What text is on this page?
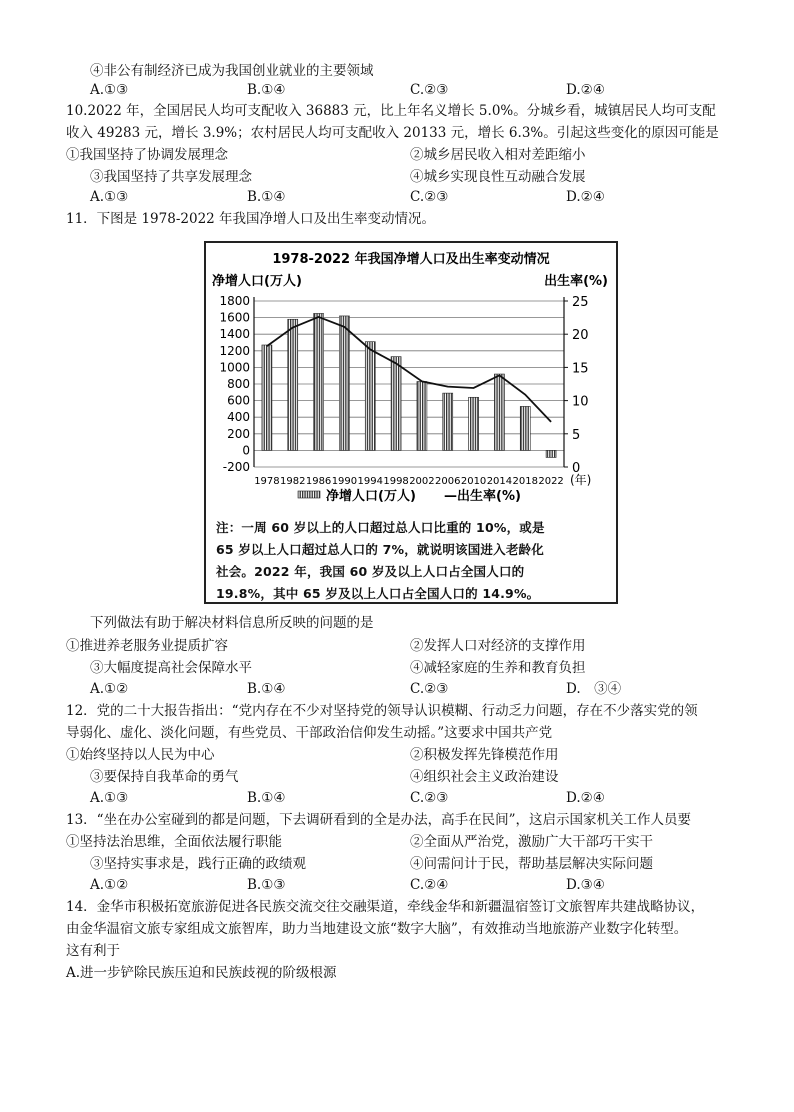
④非公有制经济已成为我国创业就业的主要领域
A.①③	B.①④	C.②③	D.②④
10.2022 年，全国居民人均可支配收入 36883 元，比上年名义增长 5.0%。分城乡看，城镇居民人均可支配
收入 49283 元，增长 3.9%；农村居民人均可支配收入 20133 元，增长 6.3%。引起这些变化的原因可能是
①我国坚持了协调发展理念	②城乡居民收入相对差距缩小
③我国坚持了共享发展理念	④城乡实现良性互动融合发展
A.①③	B.①④	C.②③	D.②④
11．下图是 1978-2022 年我国净增人口及出生率变动情况。
1978-2022 年我国净增人口及出生率变动情况
净增人口(万人)	出生率(%)
1800
1600
1400
1200
1000
800
600
400
200
0
-200
25
20
15
10
5
0
1978 1982 1986 1990 1994 1998 2002 2006 2010 2014 2018 2022 (年)
净增人口(万人) —出生率(%)
注：一周 60 岁以上的人口超过总人口比重的 10%，或是
65 岁以上人口超过总人口的 7%，就说明该国进入老龄化
社会。2022 年，我国 60 岁及以上人口占全国人口的
19.8%，其中 65 岁及以上人口占全国人口的 14.9%。
下列做法有助于解决材料信息所反映的问题的是
①推进养老服务业提质扩容	②发挥人口对经济的支撑作用
③大幅度提高社会保障水平	④减轻家庭的生养和教育负担
A.①②	B.①④	C.②③	D.　③④
12．党的二十大报告指出：“党内存在不少对坚持党的领导认识模糊、行动乏力问题，存在不少落实党的领
导弱化、虚化、淡化问题，有些党员、干部政治信仰发生动摇。”这要求中国共产党
①始终坚持以人民为中心	②积极发挥先锋模范作用
③要保持自我革命的勇气	④组织社会主义政治建设
A.①③	B.①④	C.②③	D.②④
13．“坐在办公室碰到的都是问题，下去调研看到的全是办法，高手在民间”，这启示国家机关工作人员要
①坚持法治思维，全面依法履行职能	②全面从严治党，激励广大干部巧干实干
③坚持实事求是，践行正确的政绩观	④问需问计于民，帮助基层解决实际问题
A.①②	B.①③	C.②④	D.③④
14．金华市积极拓宽旅游促进各民族交流交往交融渠道，牵线金华和新疆温宿签订文旅智库共建战略协议，
由金华温宿文旅专家组成文旅智库，助力当地建设文旅“数字大脑”，有效推动当地旅游产业数字化转型。
这有利于
A.进一步铲除民族压迫和民族歧视的阶级根源
